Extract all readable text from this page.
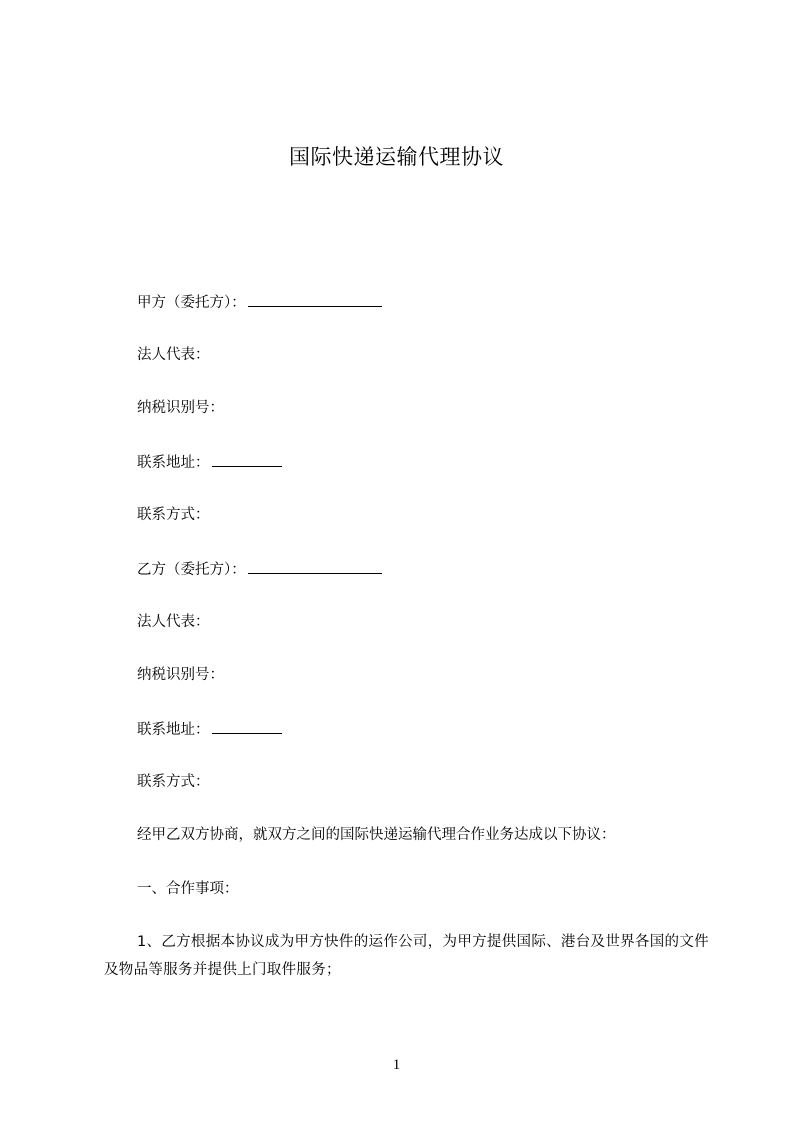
国际快递运输代理协议
甲方（委托方）：
法人代表：
纳税识别号：
联系地址：
联系方式：
乙方（委托方）：
法人代表：
纳税识别号：
联系地址：
联系方式：
经甲乙双方协商，就双方之间的国际快递运输代理合作业务达成以下协议：
一、合作事项：
1、乙方根据本协议成为甲方快件的运作公司，为甲方提供国际、港台及世界各国的文件及物品等服务并提供上门取件服务；
1
